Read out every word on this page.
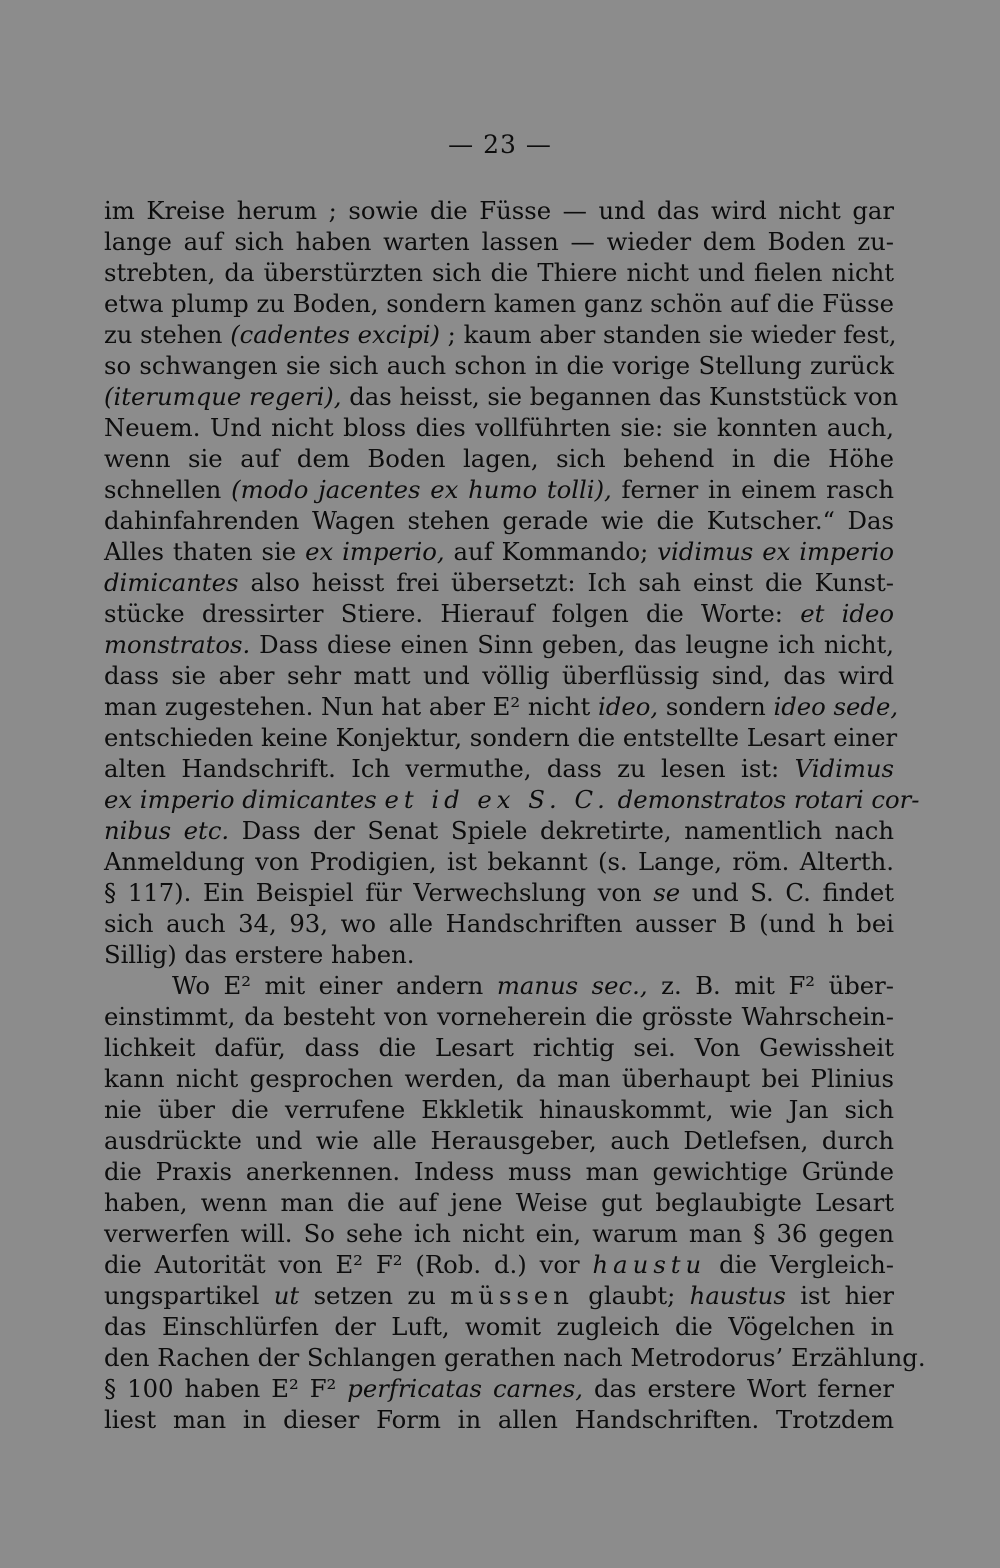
— 23 —
im Kreise herum ; sowie die Füsse — und das wird nicht gar
lange auf sich haben warten lassen — wieder dem Boden zu-
strebten, da überstürzten sich die Thiere nicht und fielen nicht
etwa plump zu Boden, sondern kamen ganz schön auf die Füsse
zu stehen (cadentes excipi) ; kaum aber standen sie wieder fest,
so schwangen sie sich auch schon in die vorige Stellung zurück
(iterumque regeri), das heisst, sie begannen das Kunststück von
Neuem. Und nicht bloss dies vollführten sie: sie konnten auch,
wenn sie auf dem Boden lagen, sich behend in die Höhe
schnellen (modo jacentes ex humo tolli), ferner in einem rasch
dahinfahrenden Wagen stehen gerade wie die Kutscher.“ Das
Alles thaten sie ex imperio, auf Kommando; vidimus ex imperio
dimicantes also heisst frei übersetzt: Ich sah einst die Kunst-
stücke dressirter Stiere. Hierauf folgen die Worte: et ideo
monstratos. Dass diese einen Sinn geben, das leugne ich nicht,
dass sie aber sehr matt und völlig überflüssig sind, das wird
man zugestehen. Nun hat aber E² nicht ideo, sondern ideo sede,
entschieden keine Konjektur, sondern die entstellte Lesart einer
alten Handschrift. Ich vermuthe, dass zu lesen ist: Vidimus
ex imperio dimicantes et id ex S. C. demonstratos rotari cor-
nibus etc. Dass der Senat Spiele dekretirte, namentlich nach
Anmeldung von Prodigien, ist bekannt (s. Lange, röm. Alterth.
§ 117). Ein Beispiel für Verwechslung von se und S. C. findet
sich auch 34, 93, wo alle Handschriften ausser B (und h bei
Sillig) das erstere haben.
Wo E² mit einer andern manus sec., z. B. mit F² über-
einstimmt, da besteht von vorneherein die grösste Wahrschein-
lichkeit dafür, dass die Lesart richtig sei. Von Gewissheit
kann nicht gesprochen werden, da man überhaupt bei Plinius
nie über die verrufene Ekkletik hinauskommt, wie Jan sich
ausdrückte und wie alle Herausgeber, auch Detlefsen, durch
die Praxis anerkennen. Indess muss man gewichtige Gründe
haben, wenn man die auf jene Weise gut beglaubigte Lesart
verwerfen will. So sehe ich nicht ein, warum man § 36 gegen
die Autorität von E² F² (Rob. d.) vor haustu die Vergleich-
ungspartikel ut setzen zu müssen glaubt; haustus ist hier
das Einschlürfen der Luft, womit zugleich die Vögelchen in
den Rachen der Schlangen gerathen nach Metrodorus’ Erzählung.
§ 100 haben E² F² perfricatas carnes, das erstere Wort ferner
liest man in dieser Form in allen Handschriften. Trotzdem
